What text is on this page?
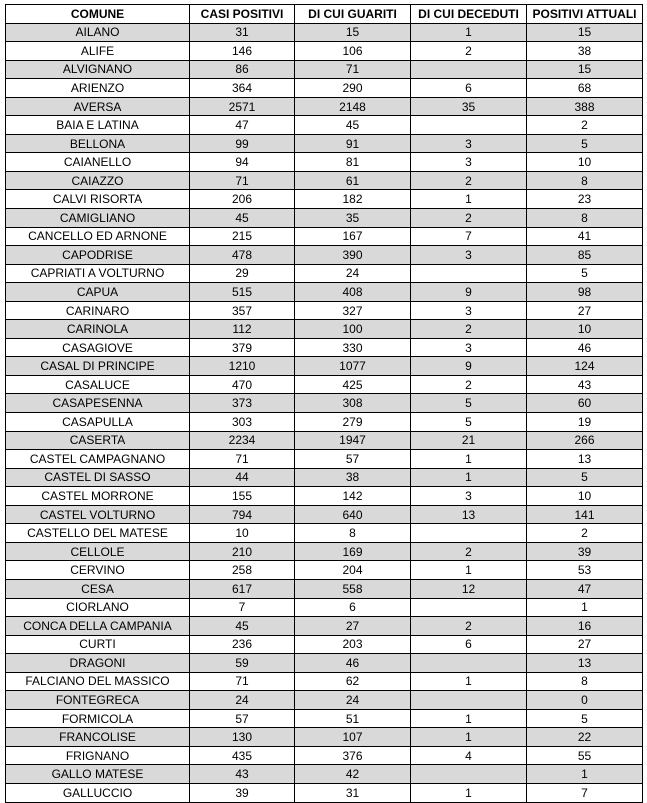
COMUNE	CASI POSITIVI	DI CUI GUARITI	DI CUI DECEDUTI	POSITIVI ATTUALI
AILANO	31	15	1	15
ALIFE	146	106	2	38
ALVIGNANO	86	71		15
ARIENZO	364	290	6	68
AVERSA	2571	2148	35	388
BAIA E LATINA	47	45		2
BELLONA	99	91	3	5
CAIANELLO	94	81	3	10
CAIAZZO	71	61	2	8
CALVI RISORTA	206	182	1	23
CAMIGLIANO	45	35	2	8
CANCELLO ED ARNONE	215	167	7	41
CAPODRISE	478	390	3	85
CAPRIATI A VOLTURNO	29	24		5
CAPUA	515	408	9	98
CARINARO	357	327	3	27
CARINOLA	112	100	2	10
CASAGIOVE	379	330	3	46
CASAL DI PRINCIPE	1210	1077	9	124
CASALUCE	470	425	2	43
CASAPESENNA	373	308	5	60
CASAPULLA	303	279	5	19
CASERTA	2234	1947	21	266
CASTEL CAMPAGNANO	71	57	1	13
CASTEL DI SASSO	44	38	1	5
CASTEL MORRONE	155	142	3	10
CASTEL VOLTURNO	794	640	13	141
CASTELLO DEL MATESE	10	8		2
CELLOLE	210	169	2	39
CERVINO	258	204	1	53
CESA	617	558	12	47
CIORLANO	7	6		1
CONCA DELLA CAMPANIA	45	27	2	16
CURTI	236	203	6	27
DRAGONI	59	46		13
FALCIANO DEL MASSICO	71	62	1	8
FONTEGRECA	24	24		0
FORMICOLA	57	51	1	5
FRANCOLISE	130	107	1	22
FRIGNANO	435	376	4	55
GALLO MATESE	43	42		1
GALLUCCIO	39	31	1	7
